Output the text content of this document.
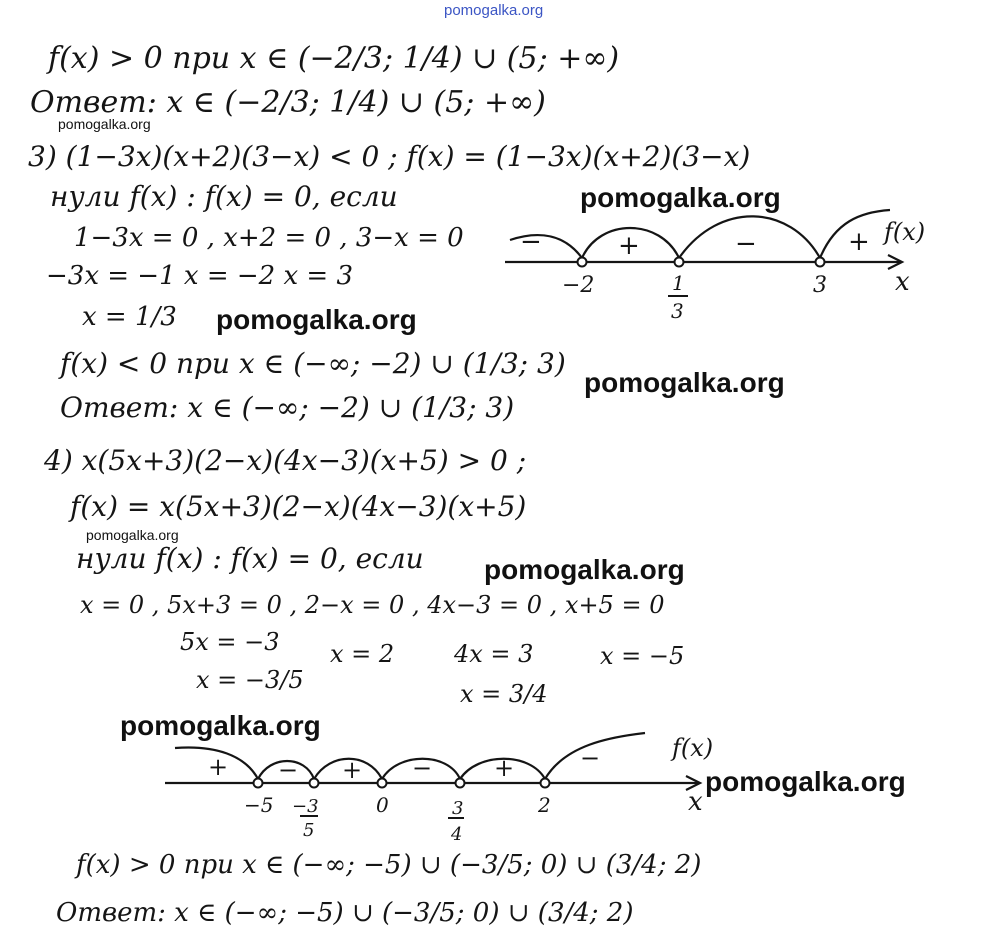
pomogalka.org
pomogalka.org
pomogalka.org
pomogalka.org
pomogalka.org
pomogalka.org
pomogalka.org
pomogalka.org
pomogalka.org
f(x) > 0 при x ∈ (−2/3; 1/4) ∪ (5; +∞)
Ответ: x ∈ (−2/3; 1/4) ∪ (5; +∞)
3) (1−3x)(x+2)(3−x) < 0 ; f(x) = (1−3x)(x+2)(3−x)
нули f(x) : f(x) = 0, если
1−3x = 0 , x+2 = 0 , 3−x = 0
−3x = −1 x = −2 x = 3
x = 1/3
f(x) < 0 при x ∈ (−∞; −2) ∪ (1/3; 3)
Ответ: x ∈ (−∞; −2) ∪ (1/3; 3)
4) x(5x+3)(2−x)(4x−3)(x+5) > 0 ;
f(x) = x(5x+3)(2−x)(4x−3)(x+5)
нули f(x) : f(x) = 0, если
x = 0 , 5x+3 = 0 , 2−x = 0 , 4x−3 = 0 , x+5 = 0
5x = −3 x = 2 4x = 3	x = −5
x = −3/5	x = 3/4
f(x) > 0 при x ∈ (−∞; −5) ∪ (−3/5; 0) ∪ (3/4; 2)
Ответ: x ∈ (−∞; −5) ∪ (−3/5; 0) ∪ (3/4; 2)
−	+	−	+ f(x)
x
−2	1
3
3
+ − + −	+	−	f(x)
x
−5 −3
5
0	3
4
2
